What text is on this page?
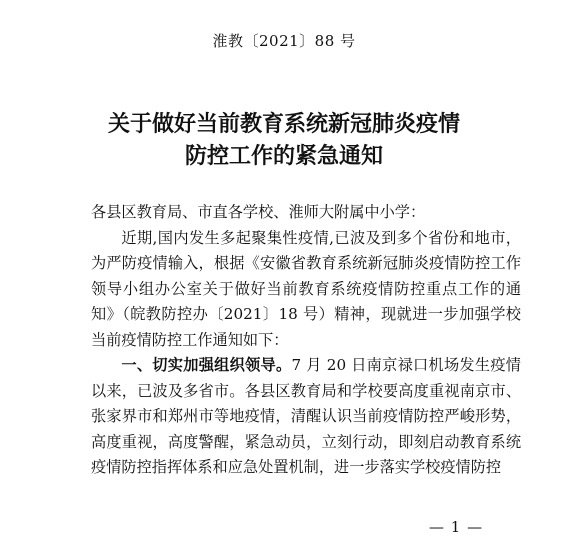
淮教〔2021〕88 号
关于做好当前教育系统新冠肺炎疫情
防控工作的紧急通知

各县区教育局、市直各学校、淮师大附属中小学：

近期,国内发生多起聚集性疫情,已波及到多个省份和地市，为严防疫情输入，根据《安徽省教育系统新冠肺炎疫情防控工作领导小组办公室关于做好当前教育系统疫情防控重点工作的通知》（皖教防控办〔2021〕18 号）精神，现就进一步加强学校当前疫情防控工作通知如下：

一、切实加强组织领导。7 月 20 日南京禄口机场发生疫情以来，已波及多省市。各县区教育局和学校要高度重视南京市、张家界市和郑州市等地疫情，清醒认识当前疫情防控严峻形势，高度重视，高度警醒，紧急动员，立刻行动，即刻启动教育系统疫情防控指挥体系和应急处置机制，进一步落实学校疫情防控

— 1 —
